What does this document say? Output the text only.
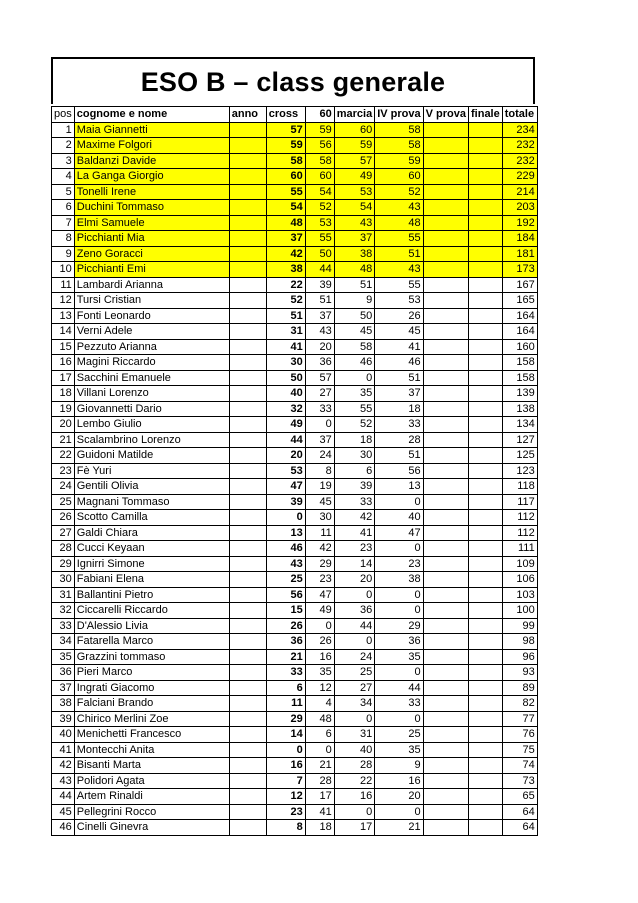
ESO B – class generale
pos	cognome e nome	anno	cross	60	marcia	IV prova	V prova	finale	totale
1	Maia Giannetti		57	59	60	58			234
2	Maxime Folgori		59	56	59	58			232
3	Baldanzi Davide		58	58	57	59			232
4	La Ganga Giorgio		60	60	49	60			229
5	Tonelli Irene		55	54	53	52			214
6	Duchini Tommaso		54	52	54	43			203
7	Elmi Samuele		48	53	43	48			192
8	Picchianti Mia		37	55	37	55			184
9	Zeno Goracci		42	50	38	51			181
10	Picchianti Emi		38	44	48	43			173
11	Lambardi Arianna		22	39	51	55			167
12	Tursi Cristian		52	51	9	53			165
13	Fonti Leonardo		51	37	50	26			164
14	Verni Adele		31	43	45	45			164
15	Pezzuto Arianna		41	20	58	41			160
16	Magini Riccardo		30	36	46	46			158
17	Sacchini Emanuele		50	57	0	51			158
18	Villani Lorenzo		40	27	35	37			139
19	Giovannetti Dario		32	33	55	18			138
20	Lembo Giulio		49	0	52	33			134
21	Scalambrino Lorenzo		44	37	18	28			127
22	Guidoni Matilde		20	24	30	51			125
23	Fè Yuri		53	8	6	56			123
24	Gentili Olivia		47	19	39	13			118
25	Magnani Tommaso		39	45	33	0			117
26	Scotto Camilla		0	30	42	40			112
27	Galdi Chiara		13	11	41	47			112
28	Cucci Keyaan		46	42	23	0			111
29	Ignirri Simone		43	29	14	23			109
30	Fabiani Elena		25	23	20	38			106
31	Ballantini Pietro		56	47	0	0			103
32	Ciccarelli Riccardo		15	49	36	0			100
33	D'Alessio Livia		26	0	44	29			99
34	Fatarella Marco		36	26	0	36			98
35	Grazzini tommaso		21	16	24	35			96
36	Pieri Marco		33	35	25	0			93
37	Ingrati Giacomo		6	12	27	44			89
38	Falciani Brando		11	4	34	33			82
39	Chirico Merlini Zoe		29	48	0	0			77
40	Menichetti Francesco		14	6	31	25			76
41	Montecchi Anita		0	0	40	35			75
42	Bisanti Marta		16	21	28	9			74
43	Polidori Agata		7	28	22	16			73
44	Artem Rinaldi		12	17	16	20			65
45	Pellegrini Rocco		23	41	0	0			64
46	Cinelli Ginevra		8	18	17	21			64
